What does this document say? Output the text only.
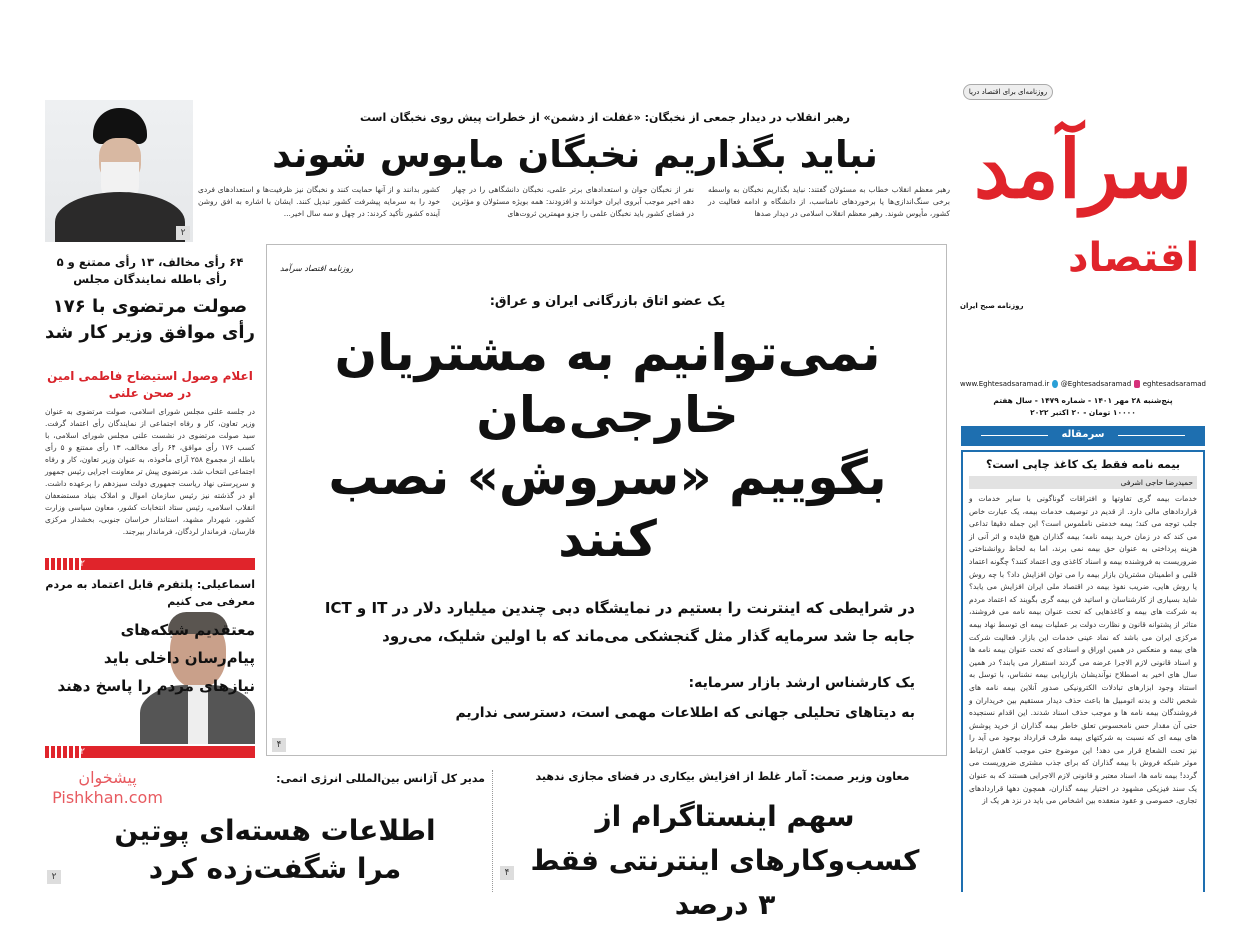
روزنامه‌ای برای اقتصاد دریا
سرآمد
اقتصاد
روزنامه صبح ایران
www.Eghtesadsaramad.ir @Eghtesadsaramad eghtesadsaramad
پنج‌شنبه ۲۸ مهر ۱۴۰۱ - شماره ۱۴۷۹ - سال هفتم
۱۰۰۰۰ تومان - ۲۰ اکتبر ۲۰۲۲
سرمقاله
بیمه نامه فقط یک کاغذ چاپی است؟
حمیدرضا حاجی اشرفی
خدمات بیمه گری تفاوتها و افتراقات گوناگونی با سایر خدمات و قراردادهای مالی دارد. از قدیم در توصیف خدمات بیمه، یک عبارت خاص جلب توجه می کند؛ بیمه خدمتی ناملموس است؟ این جمله دقیقا تداعی می کند که در زمان خرید بیمه نامه؛ بیمه گذاران هیچ فایده و اثر آنی از هزینه پرداختی به عنوان حق بیمه نمی برند، اما به لحاظ روانشناختی ضروریست به فروشنده بیمه و اسناد کاغذی وی اعتماد کنند؟ چگونه اعتماد قلبی و اطمینان مشتریان بازار بیمه را می توان افزایش داد؟ با چه روش یا روش هایی، ضریب نفوذ بیمه در اقتصاد ملی ایران افزایش می یابد؟ شاید بسیاری از کارشناسان و اساتید فن بیمه گری بگویند که اعتماد مردم به شرکت های بیمه و کاغذهایی که تحت عنوان بیمه نامه می فروشند، متاثر از پشتوانه قانون و نظارت دولت بر عملیات بیمه ای توسط نهاد بیمه مرکزی ایران می باشد که نماد عینی خدمات این بازار. فعالیت شرکت های بیمه و منعکس در همین اوراق و اسنادی که تحت عنوان بیمه نامه ها و اسناد قانونی لازم الاجرا عرضه می گردند استقرار می یابند؟ در همین سال های اخیر به اصطلاح نوآندیشان بازاریابی بیمه نشناس، با توسل به استناد وجود ابزارهای تبادلات الکترونیکی صدور آنلاین بیمه نامه های شخص ثالث و بدنه اتومبیل ها باعث حذف دیدار مستقیم بین خریداران و فروشندگان بیمه نامه ها و موجب حذف اسناد شدند. این اقدام نسنجیده حتی آن مقدار حس نامحسوس تعلق خاطر بیمه گذاران از خرید پوشش های بیمه ای که نسبت به شرکتهای بیمه طرف قرارداد بوجود می آید را نیز تحت الشعاع قرار می دهد! این موضوع حتی موجب کاهش ارتباط موثر شبکه فروش با بیمه گذاران که برای جذب مشتری ضروریست می گردد! بیمه نامه ها، اسناد معتبر و قانونی لازم الاجرایی هستند که به عنوان یک سند فیزیکی مشهود در اختیار بیمه گذاران، همچون دهها قراردادهای تجاری، خصوصی و عقود منعقده بین اشخاص می باید در نزد هر یک از
رهبر انقلاب در دیدار جمعی از نخبگان: «غفلت از دشمن» از خطرات پیش روی نخبگان است
نباید بگذاریم نخبگان مایوس شوند
رهبر معظم انقلاب خطاب به مسئولان گفتند: نباید بگذاریم نخبگان به واسطه برخی سنگ‌اندازی‌ها یا برخوردهای نامناسب، از دانشگاه و ادامه فعالیت در کشور، مأیوس شوند. رهبر معظم انقلاب اسلامی در دیدار صدها
نفر از نخبگان جوان و استعدادهای برتر علمی، نخبگان دانشگاهی را در چهار دهه اخیر موجب آبروی ایران خواندند و افزودند: همه بویژه مسئولان و مؤثرین در فضای کشور باید نخبگان علمی را جزو مهمترین ثروت‌های
کشور بدانند و از آنها حمایت کنند و نخبگان نیز ظرفیت‌ها و استعدادهای فردی خود را به سرمایه پیشرفت کشور تبدیل کنند. ایشان با اشاره به افق روشن آینده کشور تأکید کردند: در چهل و سه سال اخیر...
۲
روزنامه اقتصاد سرآمد
یک عضو اتاق بازرگانی ایران و عراق:
نمی‌توانیم به مشتریان خارجی‌مان
بگوییم «سروش» نصب کنند
در شرایطی که اینترنت را بستیم در نمایشگاه دبی چندین میلیارد دلار در IT و ICT جابه جا شد سرمایه گذار مثل گنجشکی می‌ماند که با اولین شلیک، می‌رود
یک کارشناس ارشد بازار سرمایه:
به دیتاهای تحلیلی جهانی که اطلاعات مهمی است، دسترسی نداریم
۴
۶۴ رأی مخالف، ۱۳ رأی ممتنع و ۵ رأی باطله نمایندگان مجلس
صولت مرتضوی با ۱۷۶ رأی موافق وزیر کار شد
اعلام وصول استیضاح فاطمی امین در صحن علنی
در جلسه علنی مجلس شورای اسلامی، صولت مرتضوی به عنوان وزیر تعاون، کار و رفاه اجتماعی از نمایندگان رأی اعتماد گرفت. سید صولت مرتضوی در نشست علنی مجلس شورای اسلامی، با کسب ۱۷۶ رأی موافق، ۶۴ رأی مخالف، ۱۳ رأی ممتنع و ۵ رأی باطله از مجموع ۲۵۸ آرای مأخوذه، به عنوان وزیر تعاون، کار و رفاه اجتماعی انتخاب شد. مرتضوی پیش تر معاونت اجرایی رئیس جمهور و سرپرستی نهاد ریاست جمهوری دولت سیزدهم را برعهده داشت. او در گذشته نیز رئیس سازمان اموال و املاک بنیاد مستضعفان انقلاب اسلامی، رئیس ستاد انتخابات کشور، معاون سیاسی وزارت کشور، شهردار مشهد، استاندار خراسان جنوبی، بخشدار مرکزی فارسان، فرماندار لردگان، فرماندار بیرجند.
۲
اسماعیلی: پلتفرم قابل اعتماد به مردم معرفی می کنیم
معتقدیم شبکه‌های پیام‌رسان داخلی باید نیازهای مردم را پاسخ دهند
۲
معاون وزیر صمت: آمار غلط از افزایش بیکاری در فضای مجازی ندهید
سهم اینستاگرام از کسب‌وکارهای اینترنتی فقط ۳ درصد
۴
مدیر کل آژانس بین‌المللی انرژی اتمی:
پیشخوان Pishkhan.com
اطلاعات هسته‌ای پوتین مرا شگفت‌زده کرد
۲
